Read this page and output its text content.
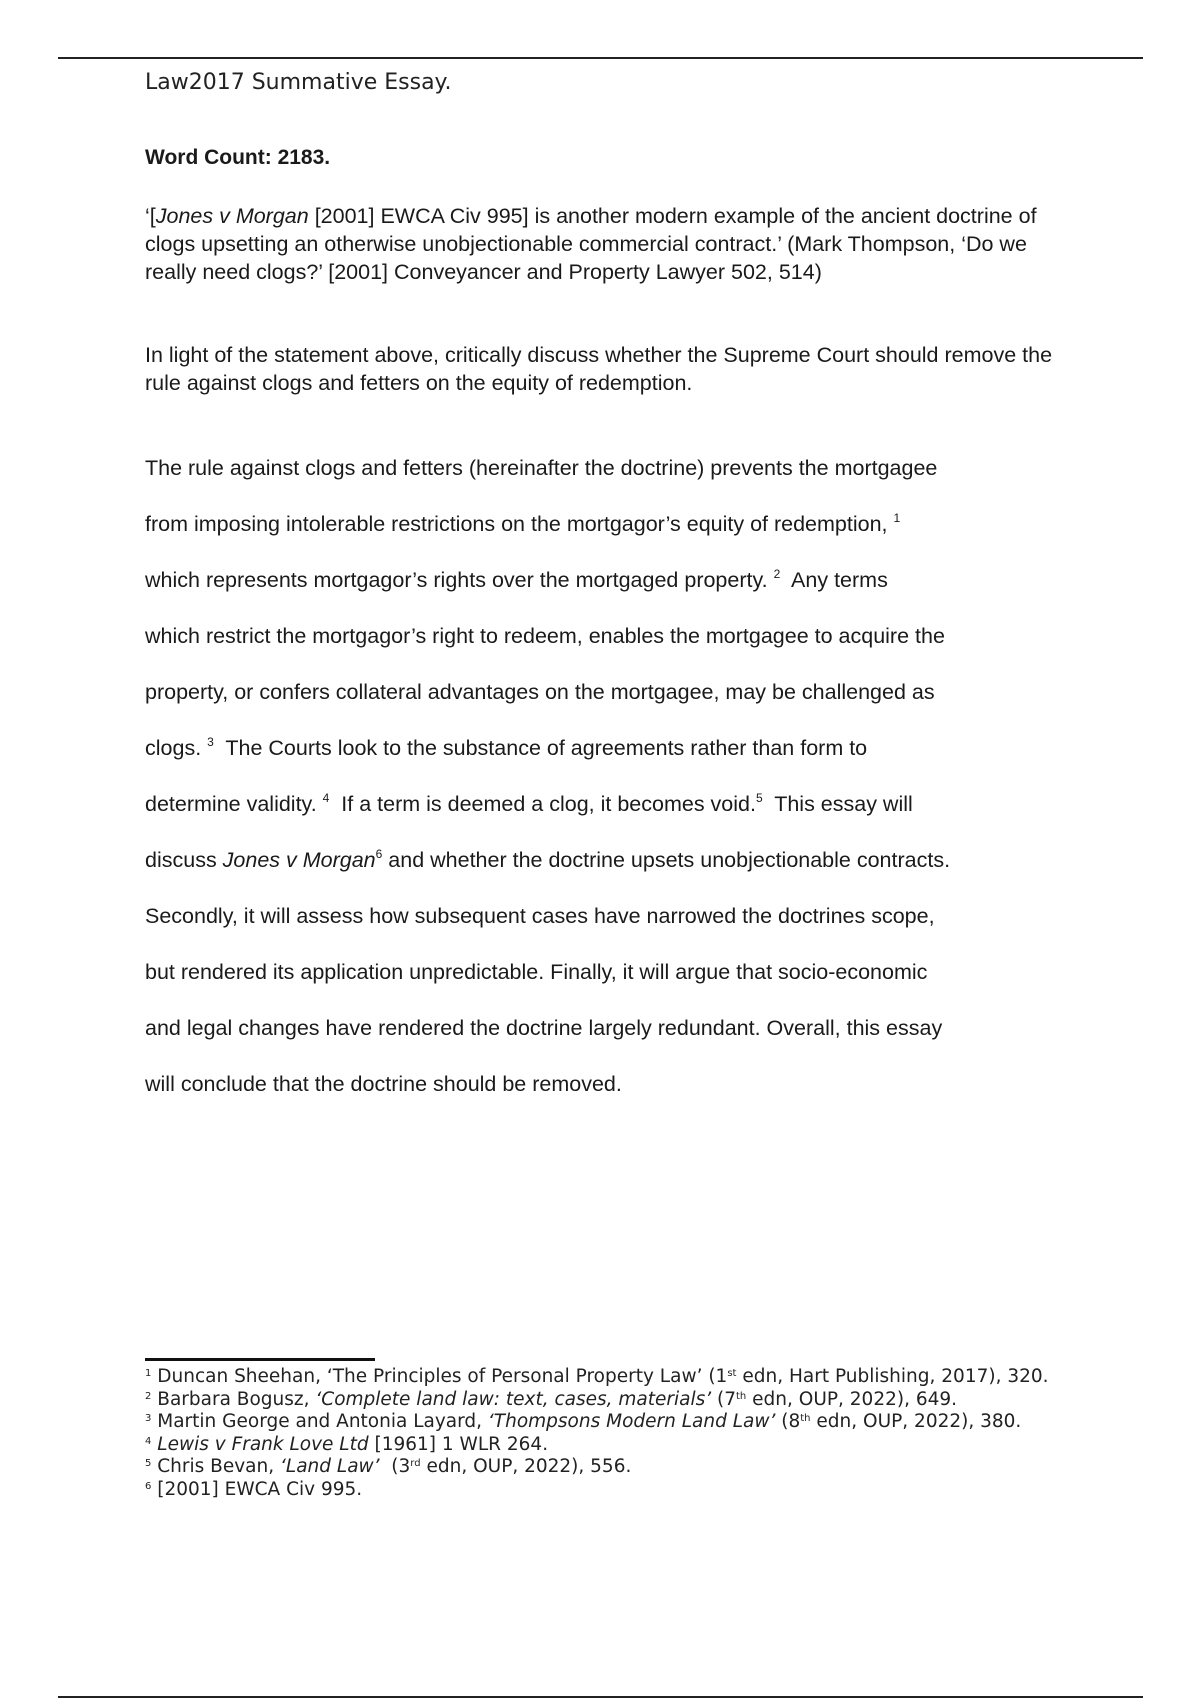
Law2017 Summative Essay.

Word Count: 2183.

‘[Jones v Morgan [2001] EWCA Civ 995] is another modern example of the ancient doctrine of clogs upsetting an otherwise unobjectionable commercial contract.’ (Mark Thompson, ‘Do we really need clogs?’ [2001] Conveyancer and Property Lawyer 502, 514)

In light of the statement above, critically discuss whether the Supreme Court should remove the rule against clogs and fetters on the equity of redemption.

The rule against clogs and fetters (hereinafter the doctrine) prevents the mortgagee
from imposing intolerable restrictions on the mortgagor’s equity of redemption, $^1$
which represents mortgagor’s rights over the mortgaged property. $^2$  Any terms
which restrict the mortgagor’s right to redeem, enables the mortgagee to acquire the
property, or confers collateral advantages on the mortgagee, may be challenged as
clogs. $^3$  The Courts look to the substance of agreements rather than form to
determine validity. $^4$  If a term is deemed a clog, it becomes void.$^5$  This essay will
discuss Jones v Morgan$^6$ and whether the doctrine upsets unobjectionable contracts.
Secondly, it will assess how subsequent cases have narrowed the doctrines scope,
but rendered its application unpredictable. Finally, it will argue that socio-economic
and legal changes have rendered the doctrine largely redundant. Overall, this essay
will conclude that the doctrine should be removed.

$^1$ Duncan Sheehan, ‘The Principles of Personal Property Law’ (1st edn, Hart Publishing, 2017), 320.

$^2$ Barbara Bogusz, ‘Complete land law: text, cases, materials’ (7th edn, OUP, 2022), 649.

$^3$ Martin George and Antonia Layard, ‘Thompsons Modern Land Law’ (8th edn, OUP, 2022), 380.

$^4$ Lewis v Frank Love Ltd [1961] 1 WLR 264.

$^5$ Chris Bevan, ‘Land Law’  (3rd edn, OUP, 2022), 556.

$^6$ [2001] EWCA Civ 995.
